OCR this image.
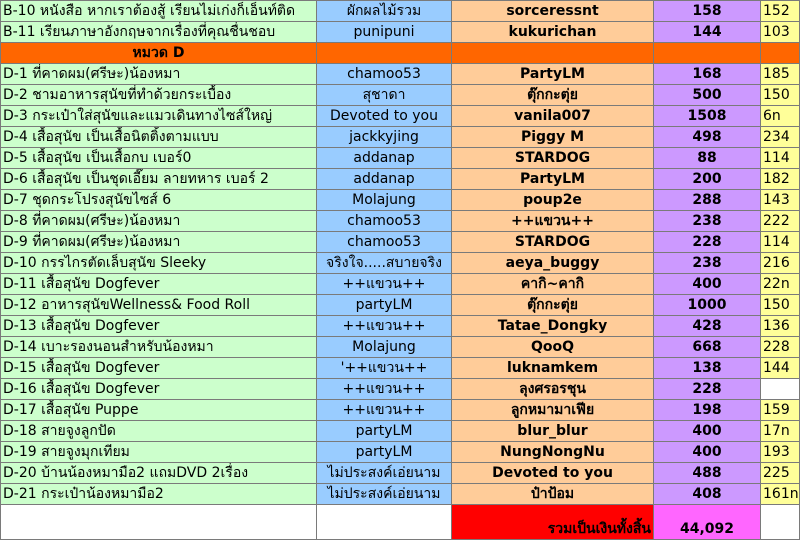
B-10 หนังสือ หากเราต้องสู้ เรียนไม่เก่งก็เอ็นท์ติด	ผักผลไม้รวม	sorceressnt	158	152
B-11 เรียนภาษาอังกฤษจากเรื่องที่คุณชื่นชอบ	punipuni	kukurichan	144	103
หมวด D				
D-1 ที่คาดผม(ศรีษะ)น้องหมา	chamoo53	PartyLM	168	185
D-2 ชามอาหารสุนัขที่ทำด้วยกระเบื้อง	สุชาดา	ตุ๊กกะตุ่ย	500	150
D-3 กระเป๋าใส่สุนัขและแมวเดินทางไซส์ใหญ่	Devoted to you	vanila007	1508	6n
D-4 เสื้อสุนัข เป็นเสื้อนิตติ้งตามแบบ	jackkyjing	Piggy M	498	234
D-5 เสื้อสุนัข เป็นเสื้อกบ เบอร์0	addanap	STARDOG	88	114
D-6 เสื้อสุนัข เป็นชุดเอี๊ยม ลายทหาร เบอร์ 2	addanap	PartyLM	200	182
D-7 ชุดกระโปรงสุนัขไซส์ 6	Molajung	poup2e	288	143
D-8 ที่คาดผม(ศรีษะ)น้องหมา	chamoo53	++แขวน++	238	222
D-9 ที่คาดผม(ศรีษะ)น้องหมา	chamoo53	STARDOG	228	114
D-10 กรรไกรตัดเล็บสุนัข Sleeky	จริงใจ.....สบายจริง	aeya_buggy	238	216
D-11 เสื้อสุนัข Dogfever	++แขวน++	คากิ~คากิ	400	22n
D-12 อาหารสุนัขWellness& Food Roll	partyLM	ตุ๊กกะตุ่ย	1000	150
D-13 เสื้อสุนัข Dogfever	++แขวน++	Tatae_Dongky	428	136
D-14 เบาะรองนอนสำหรับน้องหมา	Molajung	QooQ	668	228
D-15 เสื้อสุนัข Dogfever	'++แขวน++	luknamkem	138	144
D-16 เสื้อสุนัข Dogfever	++แขวน++	ลุงศรอรชุน	228	
D-17 เสื้อสุนัข Puppe	++แขวน++	ลูกหมามาเฟีย	198	159
D-18 สายจูงลูกปัด	partyLM	blur_blur	400	17n
D-19 สายจูงมุกเทียม	partyLM	NungNongNu	400	193
D-20 บ้านน้องหมามือ2 แถมDVD 2เรื่อง	ไม่ประสงค์เอ่ยนาม	Devoted to you	488	225
D-21 กระเป๋าน้องหมามือ2	ไม่ประสงค์เอ่ยนาม	ป๋าป้อม	408	161n
		รวมเป็นเงินทั้งสิ้น	44,092	
